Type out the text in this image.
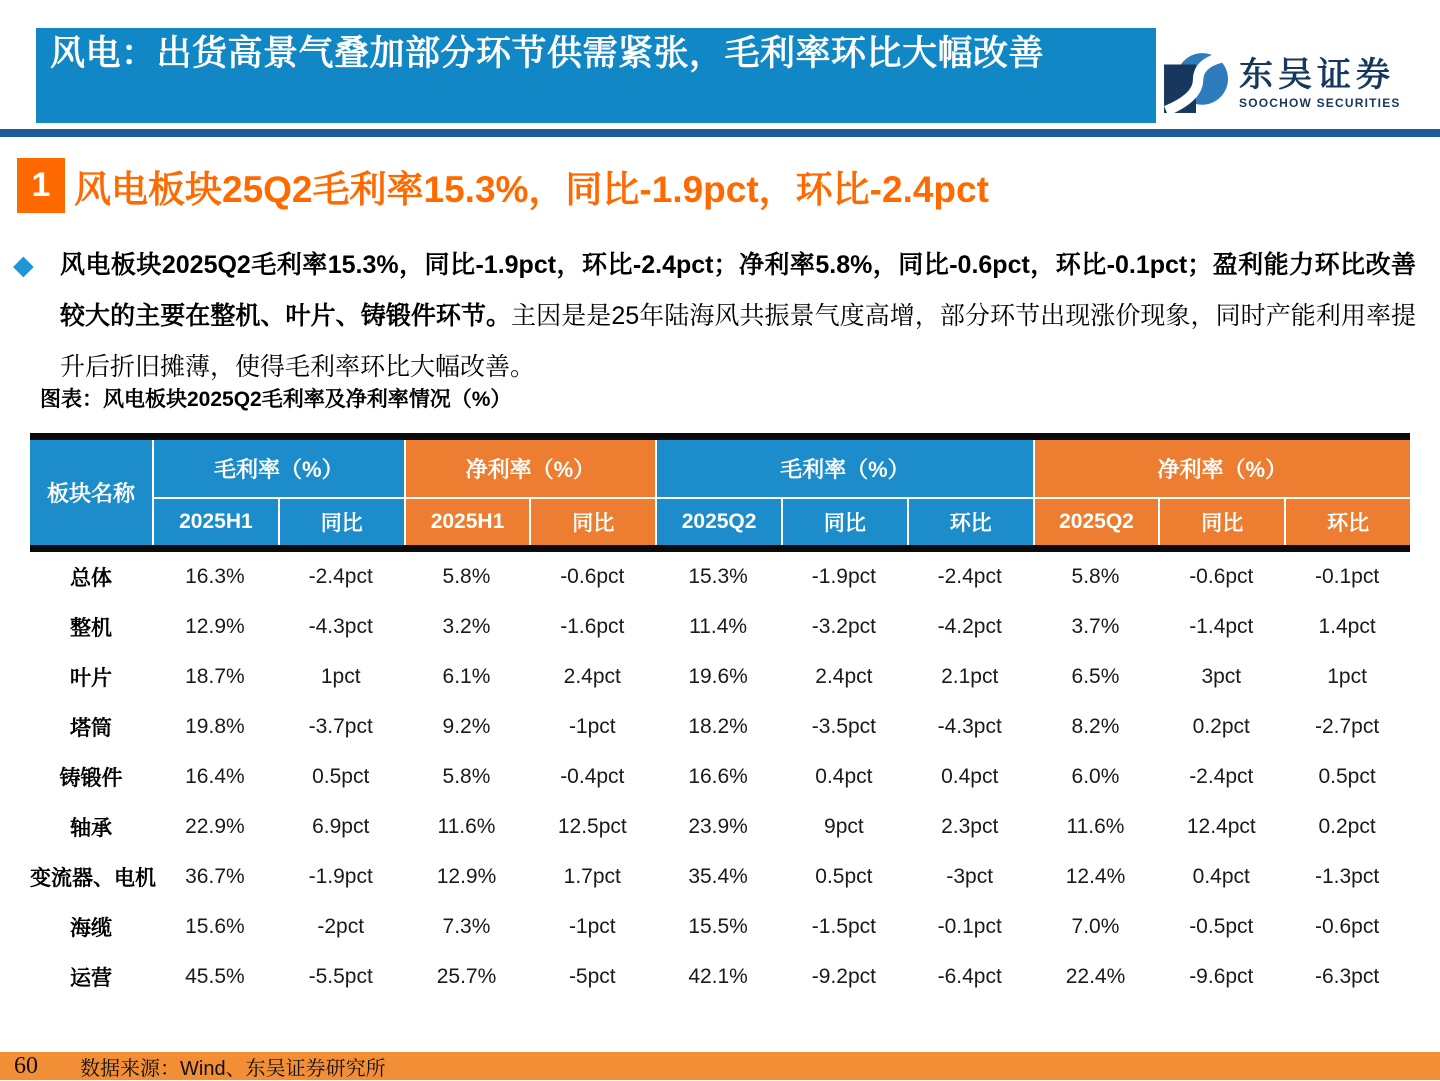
风电：出货高景气叠加部分环节供需紧张，毛利率环比大幅改善
东吴证券
SOOCHOW SECURITIES
1 风电板块25Q2毛利率15.3%，同比-1.9pct，环比-2.4pct
◆ 风电板块2025Q2毛利率15.3%，同比-1.9pct，环比-2.4pct；净利率5.8%，同比-0.6pct，环比-0.1pct；盈利能力环比改善较大的主要在整机、叶片、铸锻件环节。主因是是25年陆海风共振景气度高增，部分环节出现涨价现象，同时产能利用率提升后折旧摊薄，使得毛利率环比大幅改善。
图表：风电板块2025Q2毛利率及净利率情况（%）
板块名称
毛利率（%）	净利率（%）	毛利率（%）	净利率（%）
2025H1	同比	2025H1	同比	2025Q2	同比	环比	2025Q2	同比	环比
总体	16.3%	-2.4pct	5.8%	-0.6pct	15.3%	-1.9pct	-2.4pct	5.8%	-0.6pct	-0.1pct
整机	12.9%	-4.3pct	3.2%	-1.6pct	11.4%	-3.2pct	-4.2pct	3.7%	-1.4pct	1.4pct
叶片	18.7%	1pct	6.1%	2.4pct	19.6%	2.4pct	2.1pct	6.5%	3pct	1pct
塔筒	19.8%	-3.7pct	9.2%	-1pct	18.2%	-3.5pct	-4.3pct	8.2%	0.2pct	-2.7pct
铸锻件	16.4%	0.5pct	5.8%	-0.4pct	16.6%	0.4pct	0.4pct	6.0%	-2.4pct	0.5pct
轴承	22.9%	6.9pct	11.6%	12.5pct	23.9%	9pct	2.3pct	11.6%	12.4pct	0.2pct
变流器、电机	36.7%	-1.9pct	12.9%	1.7pct	35.4%	0.5pct	-3pct	12.4%	0.4pct	-1.3pct
海缆	15.6%	-2pct	7.3%	-1pct	15.5%	-1.5pct	-0.1pct	7.0%	-0.5pct	-0.6pct
运营	45.5%	-5.5pct	25.7%	-5pct	42.1%	-9.2pct	-6.4pct	22.4%	-9.6pct	-6.3pct
60 数据来源：Wind、东吴证券研究所
